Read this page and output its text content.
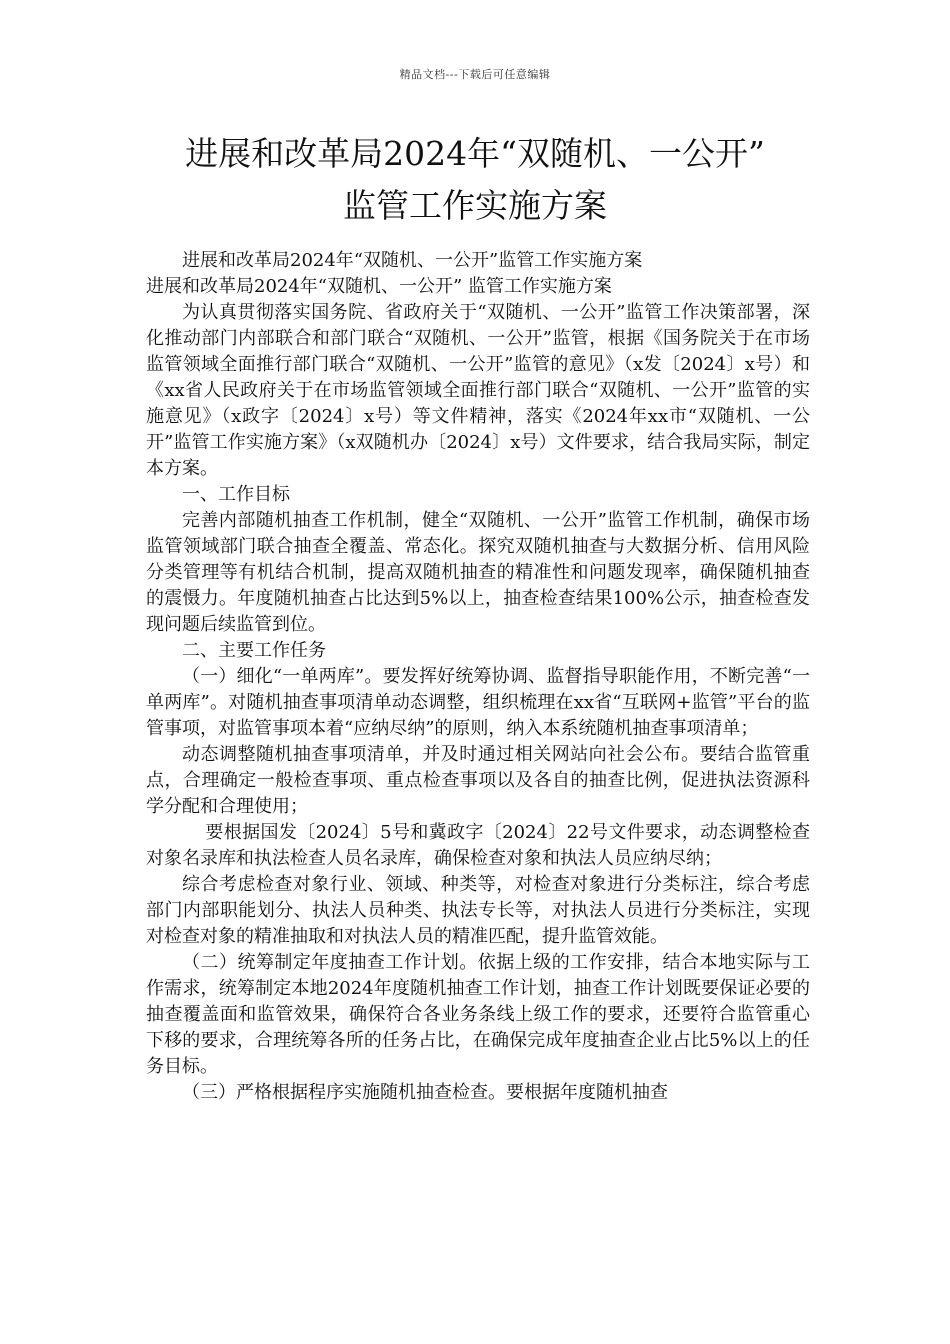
精品文档---下载后可任意编辑
进展和改革局2024年“双随机、一公开”
监管工作实施方案

进展和改革局2024年“双随机、一公开”监管工作实施方案

进展和改革局2024年“双随机、一公开” 监管工作实施方案

为认真贯彻落实国务院、省政府关于“双随机、一公开”监管工作决策部署，深化推动部门内部联合和部门联合“双随机、一公开”监管，根据《国务院关于在市场监管领域全面推行部门联合“双随机、一公开”监管的意见》（x发〔2024〕x号）和《xx省人民政府关于在市场监管领域全面推行部门联合“双随机、一公开”监管的实施意见》（x政字〔2024〕x号）等文件精神，落实《2024年xx市“双随机、一公开”监管工作实施方案》（x双随机办〔2024〕x号）文件要求，结合我局实际，制定本方案。

一、工作目标

完善内部随机抽查工作机制，健全“双随机、一公开”监管工作机制，确保市场监管领域部门联合抽查全覆盖、常态化。探究双随机抽查与大数据分析、信用风险分类管理等有机结合机制，提高双随机抽查的精准性和问题发现率，确保随机抽查的震慑力。年度随机抽查占比达到5%以上，抽查检查结果100%公示，抽查检查发现问题后续监管到位。

二、主要工作任务

（一）细化“一单两库”。要发挥好统筹协调、监督指导职能作用，不断完善“一单两库”。对随机抽查事项清单动态调整，组织梳理在xx省“互联网+监管”平台的监管事项，对监管事项本着“应纳尽纳”的原则，纳入本系统随机抽查事项清单；

动态调整随机抽查事项清单，并及时通过相关网站向社会公布。要结合监管重点，合理确定一般检查事项、重点检查事项以及各自的抽查比例，促进执法资源科学分配和合理使用；

要根据国发〔2024〕5号和冀政字〔2024〕22号文件要求，动态调整检查对象名录库和执法检查人员名录库，确保检查对象和执法人员应纳尽纳；

综合考虑检查对象行业、领域、种类等，对检查对象进行分类标注，综合考虑部门内部职能划分、执法人员种类、执法专长等，对执法人员进行分类标注，实现对检查对象的精准抽取和对执法人员的精准匹配，提升监管效能。

（二）统筹制定年度抽查工作计划。依据上级的工作安排，结合本地实际与工作需求，统筹制定本地2024年度随机抽查工作计划，抽查工作计划既要保证必要的抽查覆盖面和监管效果，确保符合各业务条线上级工作的要求，还要符合监管重心下移的要求，合理统筹各所的任务占比，在确保完成年度抽查企业占比5%以上的任务目标。

（三）严格根据程序实施随机抽查检查。要根据年度随机抽查
